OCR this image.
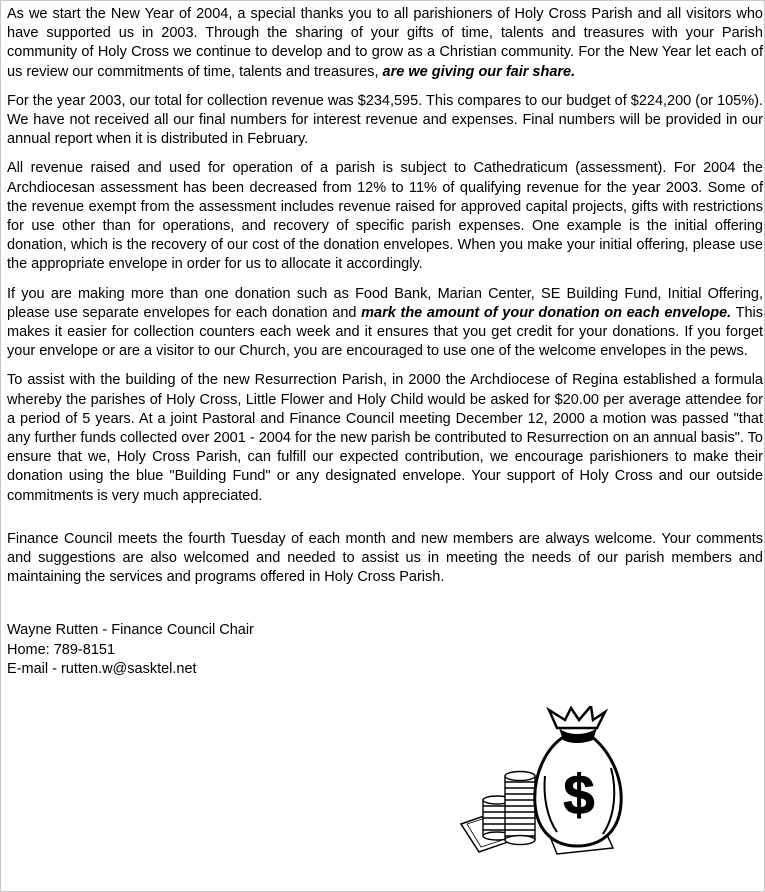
As we start the New Year of 2004, a special thanks you to all parishioners of Holy Cross Parish and all visitors who have supported us in 2003. Through the sharing of your gifts of time, talents and treasures with your Parish community of Holy Cross we continue to develop and to grow as a Christian community. For the New Year let each of us review our commitments of time, talents and treasures, are we giving our fair share.

For the year 2003, our total for collection revenue was $234,595. This compares to our budget of $224,200 (or 105%). We have not received all our final numbers for interest revenue and expenses. Final numbers will be provided in our annual report when it is distributed in February.

All revenue raised and used for operation of a parish is subject to Cathedraticum (assessment). For 2004 the Archdiocesan assessment has been decreased from 12% to 11% of qualifying revenue for the year 2003. Some of the revenue exempt from the assessment includes revenue raised for approved capital projects, gifts with restrictions for use other than for operations, and recovery of specific parish expenses. One example is the initial offering donation, which is the recovery of our cost of the donation envelopes. When you make your initial offering, please use the appropriate envelope in order for us to allocate it accordingly.

If you are making more than one donation such as Food Bank, Marian Center, SE Building Fund, Initial Offering, please use separate envelopes for each donation and mark the amount of your donation on each envelope. This makes it easier for collection counters each week and it ensures that you get credit for your donations. If you forget your envelope or are a visitor to our Church, you are encouraged to use one of the welcome envelopes in the pews.

To assist with the building of the new Resurrection Parish, in 2000 the Archdiocese of Regina established a formula whereby the parishes of Holy Cross, Little Flower and Holy Child would be asked for $20.00 per average attendee for a period of 5 years. At a joint Pastoral and Finance Council meeting December 12, 2000 a motion was passed "that any further funds collected over 2001 - 2004 for the new parish be contributed to Resurrection on an annual basis". To ensure that we, Holy Cross Parish, can fulfill our expected contribution, we encourage parishioners to make their donation using the blue "Building Fund" or any designated envelope. Your support of Holy Cross and our outside commitments is very much appreciated.

Finance Council meets the fourth Tuesday of each month and new members are always welcome. Your comments and suggestions are also welcomed and needed to assist us in meeting the needs of our parish members and maintaining the services and programs offered in Holy Cross Parish.

Wayne Rutten - Finance Council Chair
Home: 789-8151
E-mail - rutten.w@sasktel.net
$
